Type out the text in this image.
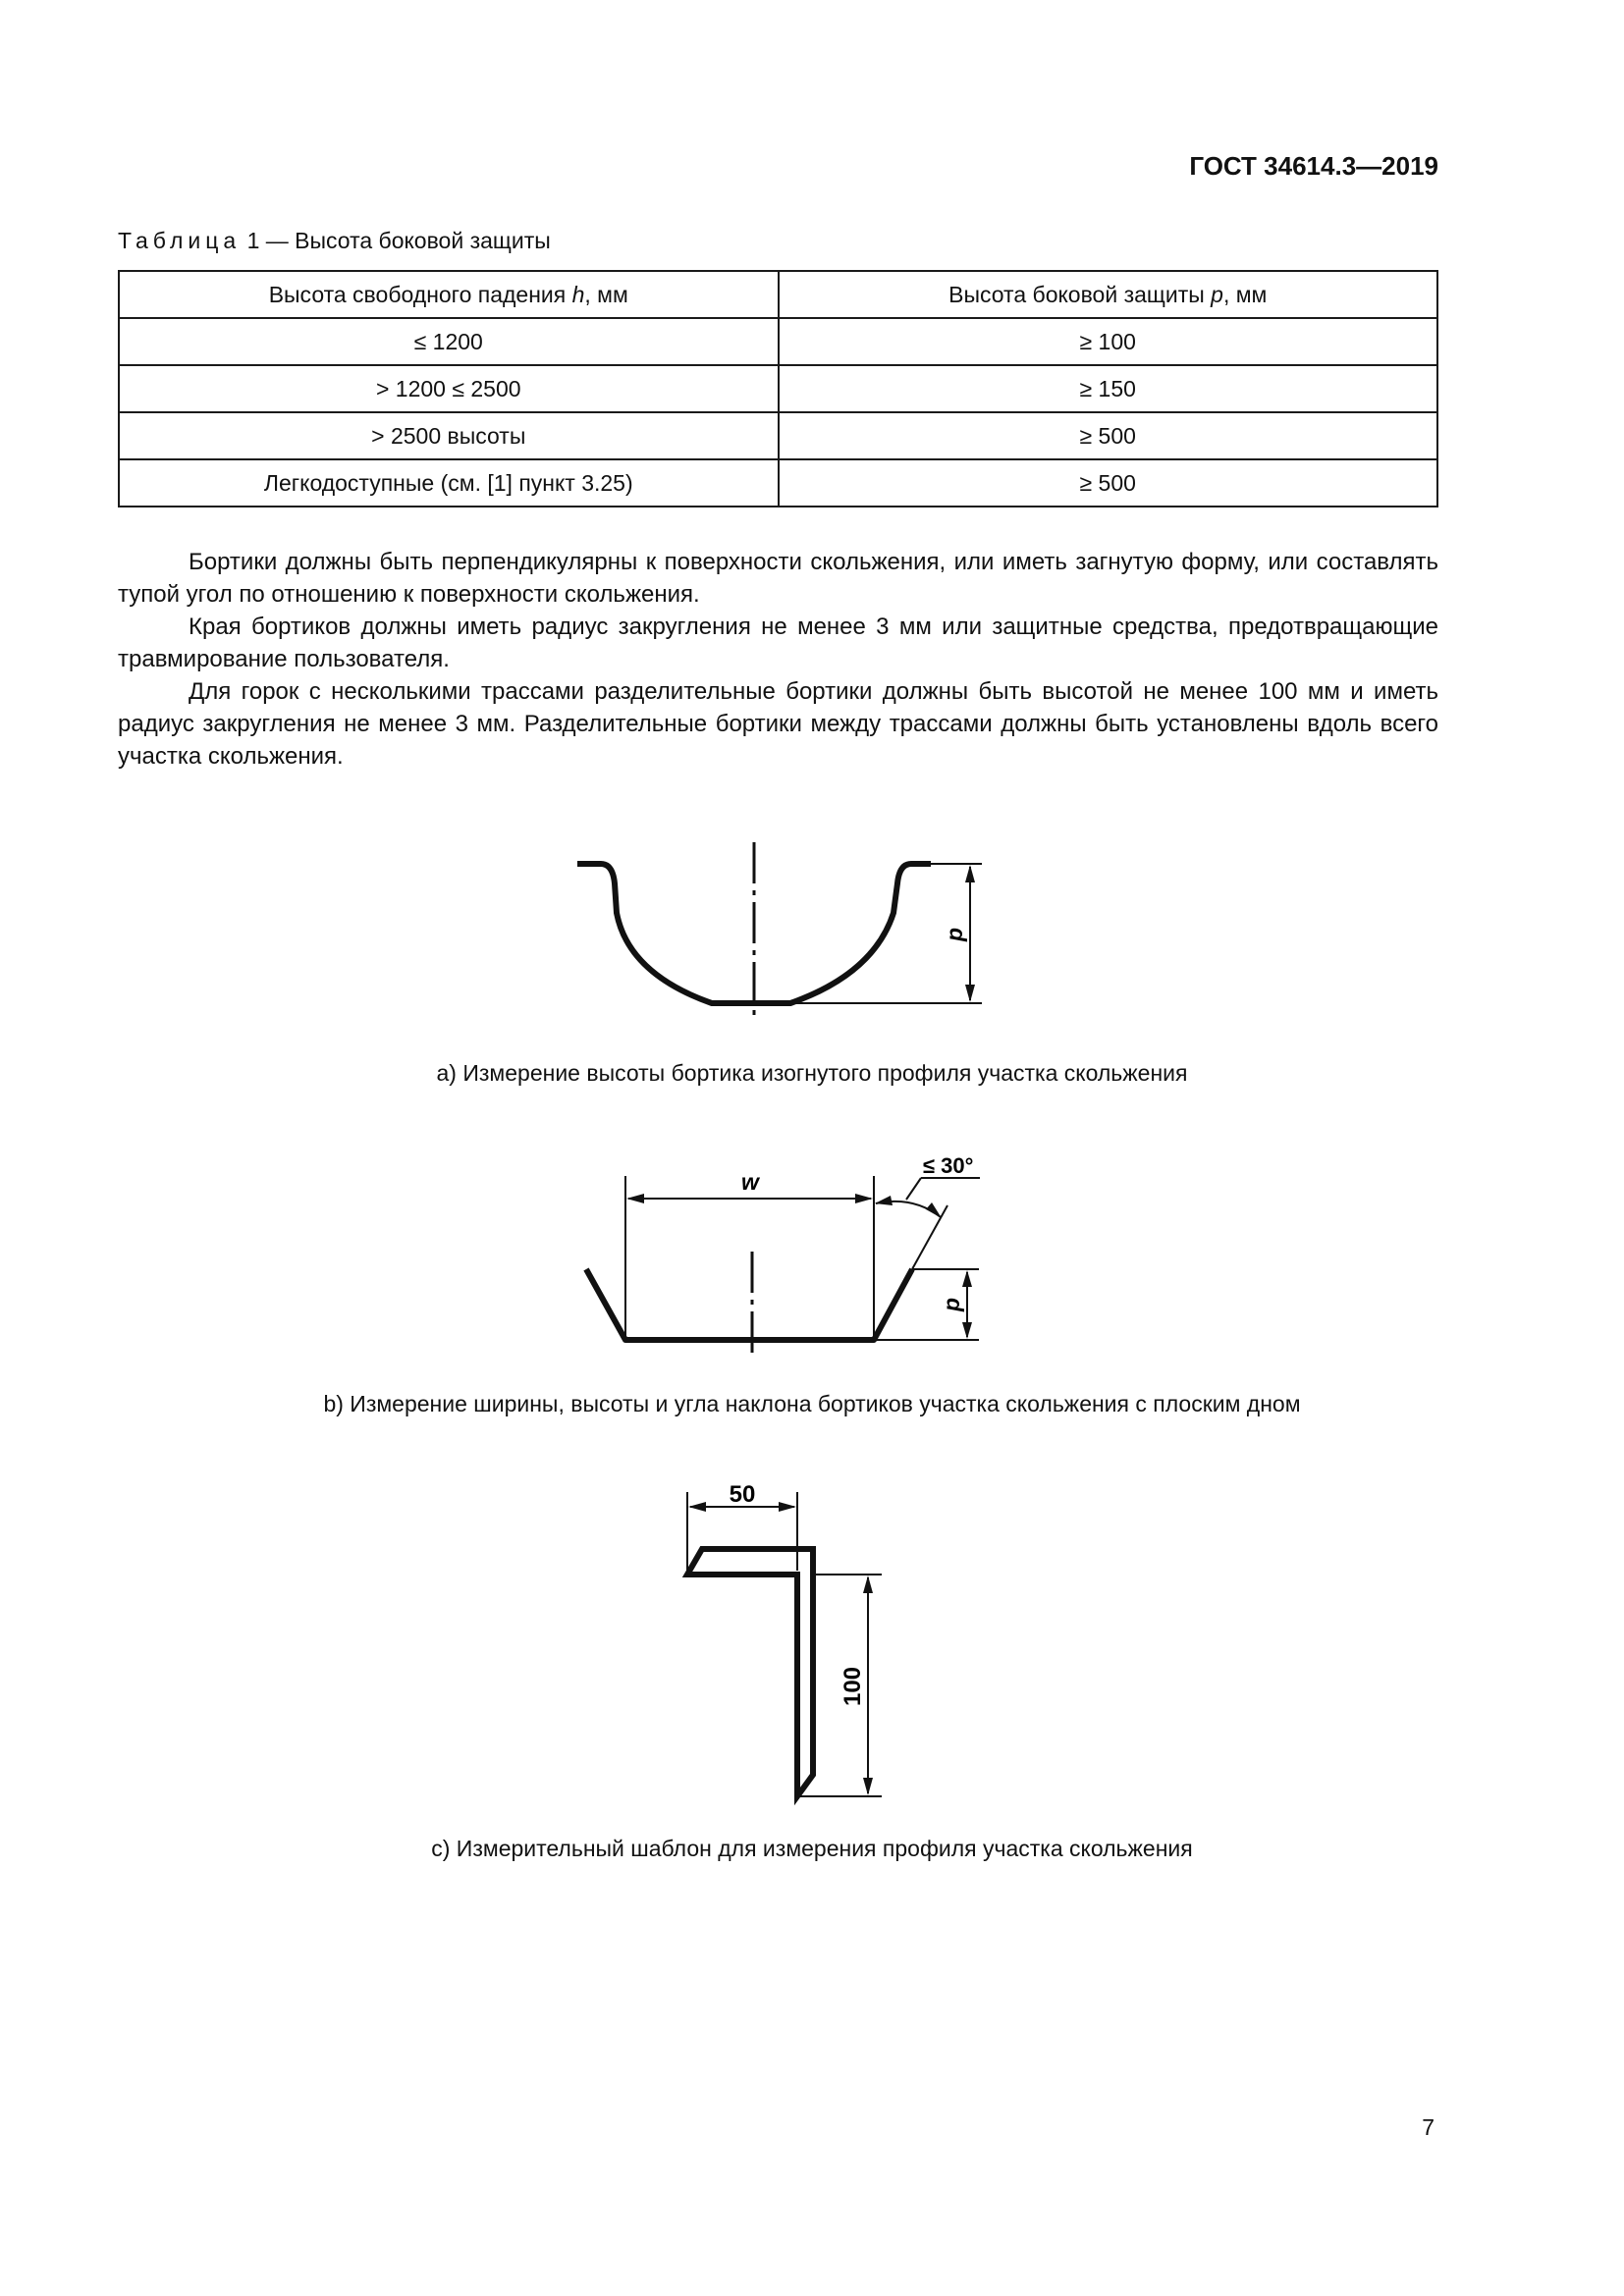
ГОСТ 34614.3—2019
Таблица 1 — Высота боковой защиты
Высота свободного падения h, мм	Высота боковой защиты p, мм
≤ 1200	≥ 100
> 1200 ≤ 2500	≥ 150
> 2500 высоты	≥ 500
Легкодоступные (см. [1] пункт 3.25)	≥ 500

Бортики должны быть перпендикулярны к поверхности скольжения, или иметь загнутую форму, или составлять тупой угол по отношению к поверхности скольжения.

Края бортиков должны иметь радиус закругления не менее 3 мм или защитные средства, предотвращающие травмирование пользователя.

Для горок с несколькими трассами разделительные бортики должны быть высотой не менее 100 мм и иметь радиус закругления не менее 3 мм. Разделительные бортики между трассами должны быть установлены вдоль всего участка скольжения.

p
a) Измерение высоты бортика изогнутого профиля участка скольжения
w
≤ 30°
p
b) Измерение ширины, высоты и угла наклона бортиков участка скольжения с плоским дном
50
100
c) Измерительный шаблон для измерения профиля участка скольжения
7
